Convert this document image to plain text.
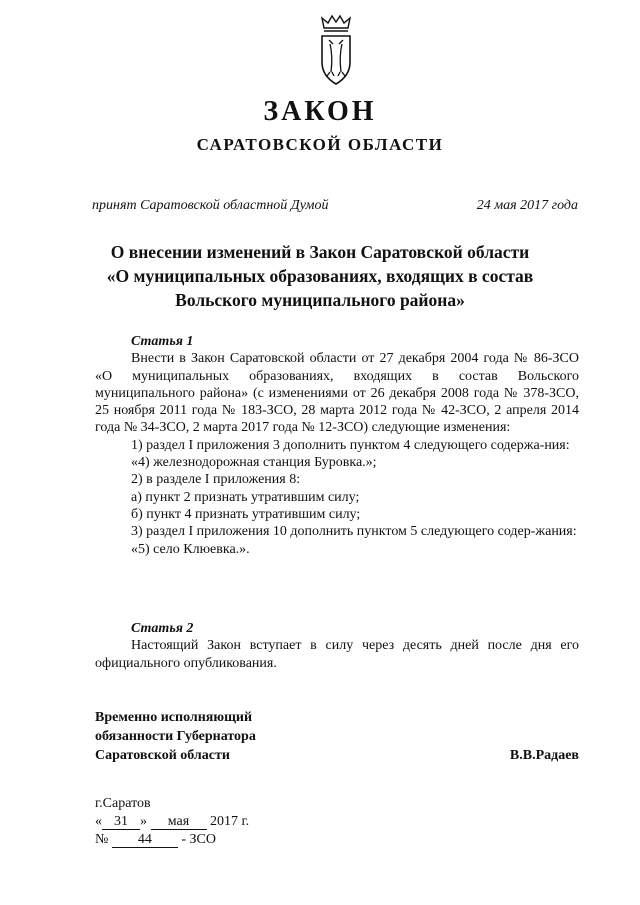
ЗАКОН
САРАТОВСКОЙ ОБЛАСТИ
принят Саратовской областной Думой	24 мая 2017 года
О внесении изменений в Закон Саратовской области
«О муниципальных образованиях, входящих в состав
Вольского муниципального района»
Статья 1

Внести в Закон Саратовской области от 27 декабря 2004 года № 86-ЗСО «О муниципальных образованиях, входящих в состав Вольского муниципального района» (с изменениями от 26 декабря 2008 года № 378-ЗСО, 25 ноября 2011 года № 183-ЗСО, 28 марта 2012 года № 42-ЗСО, 2 апреля 2014 года № 34-ЗСО, 2 марта 2017 года № 12-ЗСО) следующие изменения:

1) раздел I приложения 3 дополнить пунктом 4 следующего содержа-ния:

«4) железнодорожная станция Буровка.»;

2) в разделе I приложения 8:

а) пункт 2 признать утратившим силу;

б) пункт 4 признать утратившим силу;

3) раздел I приложения 10 дополнить пунктом 5 следующего содер-жания:

«5) село Клюевка.».

Статья 2

Настоящий Закон вступает в силу через десять дней после дня его официального опубликования.

Временно исполняющий
обязанности Губернатора
Саратовской области	В.В.Радаев
г.Саратов
« 31 » мая 2017 г.
№ 44 - ЗСО
